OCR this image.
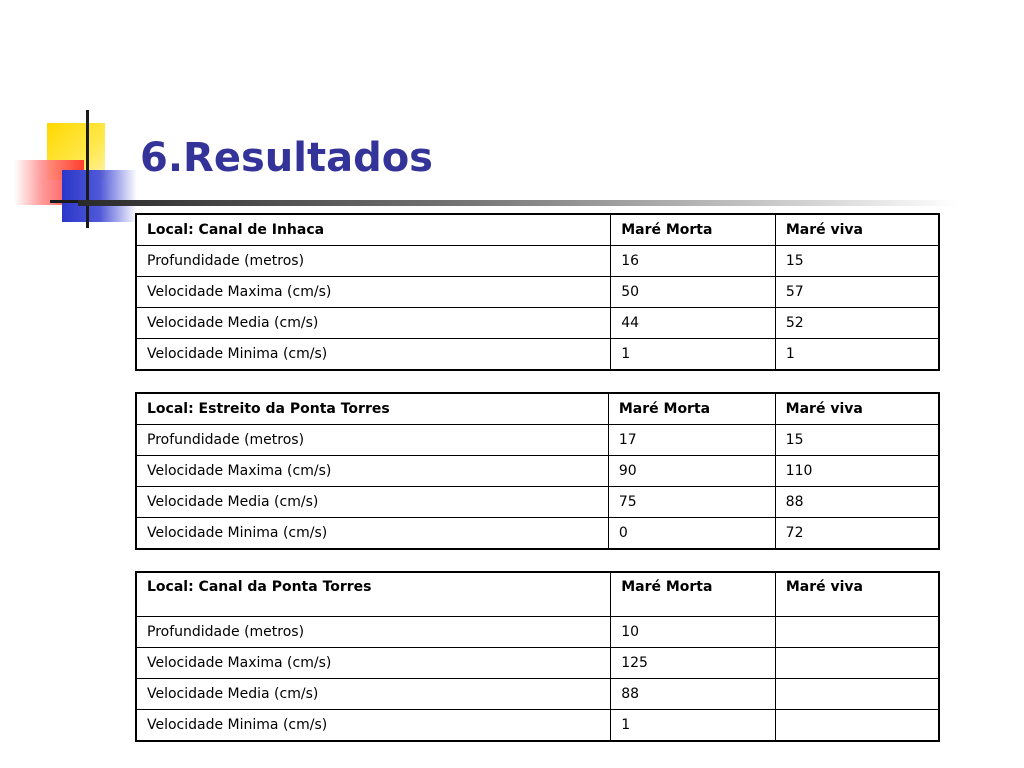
6.Resultados
Local: Canal de Inhaca	Maré Morta	Maré viva
Profundidade (metros)	16	15
Velocidade Maxima (cm/s)	50	57
Velocidade Media (cm/s)	44	52
Velocidade Minima (cm/s)	1	1
Local: Estreito da Ponta Torres	Maré Morta	Maré viva
Profundidade (metros)	17	15
Velocidade Maxima (cm/s)	90	110
Velocidade Media (cm/s)	75	88
Velocidade Minima (cm/s)	0	72
Local: Canal da Ponta Torres	Maré Morta	Maré viva
Profundidade (metros)	10	
Velocidade Maxima (cm/s)	125	
Velocidade Media (cm/s)	88	
Velocidade Minima (cm/s)	1	
